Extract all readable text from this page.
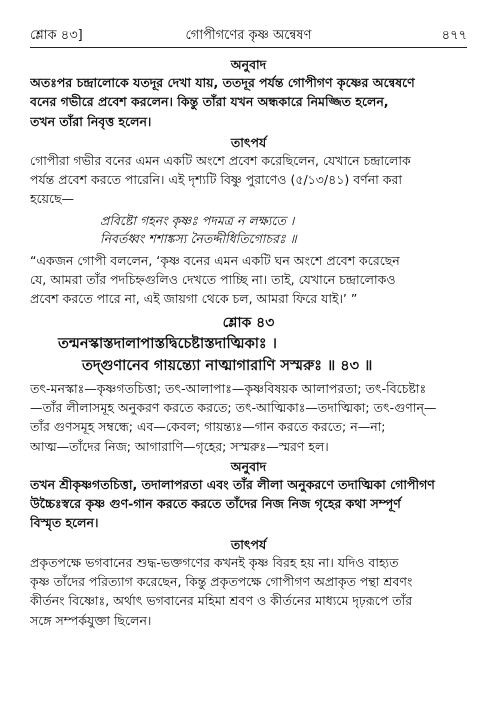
শ্লোক ৪৩]	গোপীগণের কৃষ্ণ অন্বেষণ	৪৭৭
অনুবাদ

অতঃপর চন্দ্রালোকে যতদূর দেখা যায়, ততদূর পর্যন্ত গোপীগণ কৃষ্ণের অন্বেষণে

বনের গভীরে প্রবেশ করলেন। কিন্তু তাঁরা যখন অন্ধকারে নিমজ্জিত হলেন,

তখন তাঁরা নিবৃত্ত হলেন।

তাৎপর্য

গোপীরা গভীর বনের এমন একটি অংশে প্রবেশ করেছিলেন, যেখানে চন্দ্রালোক

পর্যন্ত প্রবেশ করতে পারেনি। এই দৃশ্যটি বিষ্ণু পুরাণেও (৫/১৩/৪১) বর্ণনা করা

হয়েছে—

প্রবিষ্টো গহনং কৃষ্ণঃ পদমত্র ন লক্ষ্যতে ।
নিবর্তধ্বং শশাঙ্কস্য নৈতদ্দীধিতিগোচরঃ ॥

“একজন গোপী বললেন, ‘কৃষ্ণ বনের এমন একটি ঘন অংশে প্রবেশ করেছেন

যে, আমরা তাঁর পদচিহ্নগুলিও দেখতে পাচ্ছি না। তাই, যেখানে চন্দ্রালোকও

প্রবেশ করতে পারে না, এই জায়গা থেকে চল, আমরা ফিরে যাই।’ ”

শ্লোক ৪৩
তন্মনস্কাস্তদালাপাস্তদ্বিচেষ্টাস্তদাত্মিকাঃ ।
তদ্‌গুণানেব গায়ন্ত্যো নাত্মাগারাণি সস্মরুঃ ॥ ৪৩ ॥

তৎ-মনস্কাঃ—কৃষ্ণগতচিত্তা; তৎ-আলাপাঃ—কৃষ্ণবিষয়ক আলাপরতা; তৎ-বিচেষ্টাঃ

—তাঁর লীলাসমূহ অনুকরণ করতে করতে; তৎ-আত্মিকাঃ—তদাত্মিকা; তৎ-গুণান্—

তাঁর গুণসমূহ সম্বন্ধে; এব—কেবল; গায়ন্ত্যঃ—গান করতে করতে; ন—না;

আত্ম—তাঁদের নিজ; আগারাণি—গৃহের; সস্মরুঃ—স্মরণ হল।

অনুবাদ

তখন শ্রীকৃষ্ণগতচিত্তা, তদালাপরতা এবং তাঁর লীলা অনুকরণে তদাত্মিকা গোপীগণ

উচ্চৈঃস্বরে কৃষ্ণ গুণ-গান করতে করতে তাঁদের নিজ নিজ গৃহের কথা সম্পূর্ণ

বিস্মৃত হলেন।

তাৎপর্য

প্রকৃতপক্ষে ভগবানের শুদ্ধ-ভক্তগণের কখনই কৃষ্ণ বিরহ হয় না। যদিও বাহ্যত

কৃষ্ণ তাঁদের পরিত্যাগ করেছেন, কিন্তু প্রকৃতপক্ষে গোপীগণ অপ্রাকৃত পন্থা শ্রবণং

কীর্তনং বিষ্ণোঃ, অর্থাৎ ভগবানের মহিমা শ্রবণ ও কীর্তনের মাধ্যমে দৃঢ়রূপে তাঁর

সঙ্গে সম্পর্কযুক্তা ছিলেন।
